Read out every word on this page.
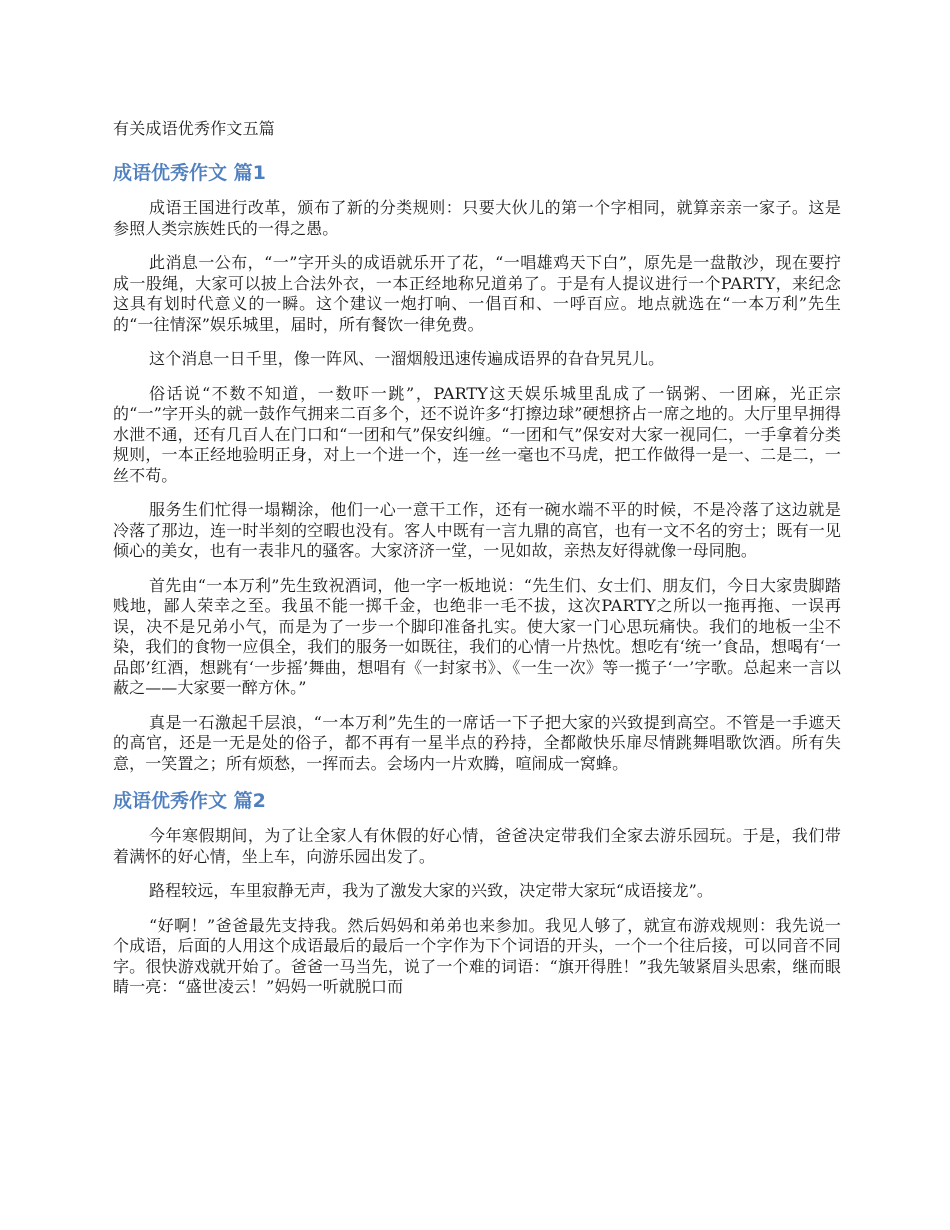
有关成语优秀作文五篇
成语优秀作文 篇1

成语王国进行改革，颁布了新的分类规则：只要大伙儿的第一个字相同，就算亲亲一家子。这是参照人类宗族姓氏的一得之愚。

此消息一公布，“一”字开头的成语就乐开了花，“一唱雄鸡天下白”，原先是一盘散沙，现在要拧成一股绳，大家可以披上合法外衣，一本正经地称兄道弟了。于是有人提议进行一个PARTY，来纪念这具有划时代意义的一瞬。这个建议一炮打响、一倡百和、一呼百应。地点就选在“一本万利”先生的“一往情深”娱乐城里，届时，所有餐饮一律免费。

这个消息一日千里，像一阵风、一溜烟般迅速传遍成语界的旮旮旯旯儿。

俗话说“不数不知道，一数吓一跳”，PARTY这天娱乐城里乱成了一锅粥、一团麻，光正宗的“一”字开头的就一鼓作气拥来二百多个，还不说许多“打擦边球”硬想挤占一席之地的。大厅里早拥得水泄不通，还有几百人在门口和“一团和气”保安纠缠。“一团和气”保安对大家一视同仁，一手拿着分类规则，一本正经地验明正身，对上一个进一个，连一丝一毫也不马虎，把工作做得一是一、二是二，一丝不苟。

服务生们忙得一塌糊涂，他们一心一意干工作，还有一碗水端不平的时候，不是冷落了这边就是冷落了那边，连一时半刻的空暇也没有。客人中既有一言九鼎的高官，也有一文不名的穷士；既有一见倾心的美女，也有一表非凡的骚客。大家济济一堂，一见如故，亲热友好得就像一母同胞。

首先由“一本万利”先生致祝酒词，他一字一板地说：“先生们、女士们、朋友们，今日大家贵脚踏贱地，鄙人荣幸之至。我虽不能一掷千金，也绝非一毛不拔，这次PARTY之所以一拖再拖、一误再误，决不是兄弟小气，而是为了一步一个脚印准备扎实。使大家一门心思玩痛快。我们的地板一尘不染，我们的食物一应俱全，我们的服务一如既往，我们的心情一片热忱。想吃有‘统一’食品，想喝有‘一品郎’红酒，想跳有‘一步摇’舞曲，想唱有《一封家书》、《一生一次》等一揽子‘一’字歌。总起来一言以蔽之——大家要一醉方休。”

真是一石激起千层浪，“一本万利”先生的一席话一下子把大家的兴致提到高空。不管是一手遮天的高官，还是一无是处的俗子，都不再有一星半点的矜持，全都敞快乐扉尽情跳舞唱歌饮酒。所有失意，一笑置之；所有烦愁，一挥而去。会场内一片欢腾，喧闹成一窝蜂。

成语优秀作文 篇2

今年寒假期间，为了让全家人有休假的好心情，爸爸决定带我们全家去游乐园玩。于是，我们带着满怀的好心情，坐上车，向游乐园出发了。

路程较远，车里寂静无声，我为了激发大家的兴致，决定带大家玩“成语接龙”。

“好啊！”爸爸最先支持我。然后妈妈和弟弟也来参加。我见人够了，就宣布游戏规则：我先说一个成语，后面的人用这个成语最后的最后一个字作为下个词语的开头，一个一个往后接，可以同音不同字。很快游戏就开始了。爸爸一马当先，说了一个难的词语：“旗开得胜！”我先皱紧眉头思索，继而眼睛一亮：“盛世凌云！”妈妈一听就脱口而
